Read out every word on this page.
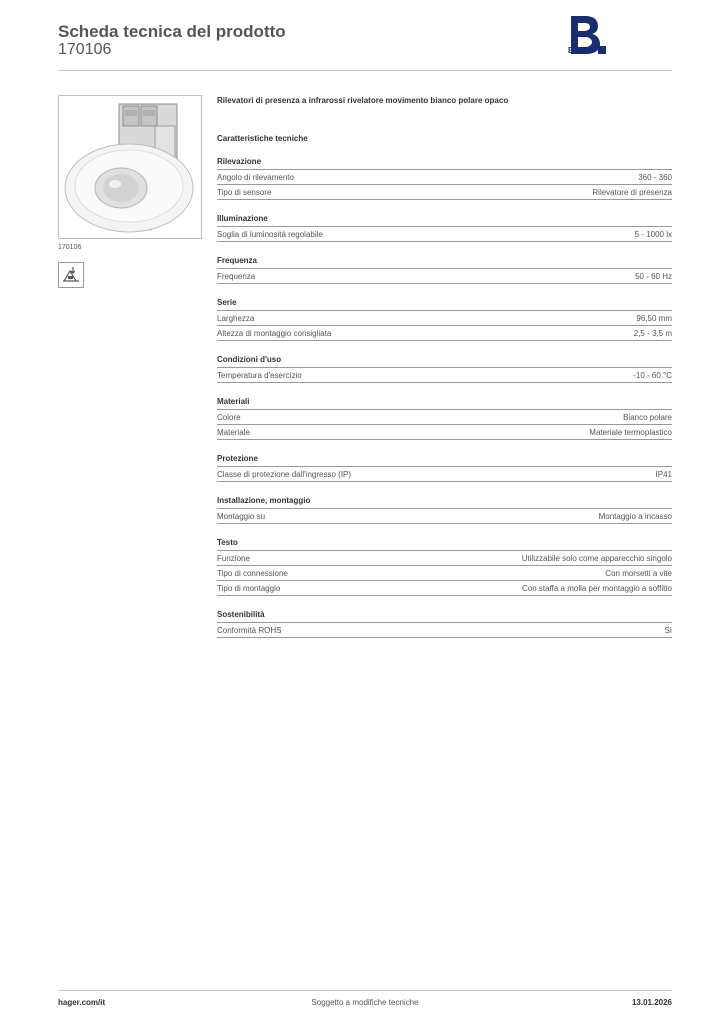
Scheda tecnica del prodotto
170106	Berker
170106
Rilevatori di presenza a infrarossi rivelatore movimento bianco polare opaco
Caratteristiche tecniche
Rilevazione
Angolo di rilevamento	360 - 360
Tipo di sensore	Rilevatore di presenza
Illuminazione
Soglia di luminosità regolabile	5 - 1000 lx
Frequenza
Frequenza	50 - 60 Hz
Serie
Larghezza	96,50 mm
Altezza di montaggio consigliata	2,5 - 3,5 m
Condizioni d'uso
Temperatura d'esercizio	-10 - 60 °C
Materiali
Colore	Bianco polare
Materiale	Materiale termoplastico
Protezione
Classe di protezione dall'ingresso (IP)	IP41
Installazione, montaggio
Montaggio su	Montaggio a incasso
Testo
Funzione	Utilizzabile solo come apparecchio singolo
Tipo di connessione	Con morsetti a vite
Tipo di montaggio	Con staffa a molla per montaggio a soffitto
Sostenibilità
Conformità ROHS	Sì
hager.com/it	Soggetto a modifiche tecniche	13.01.2026
